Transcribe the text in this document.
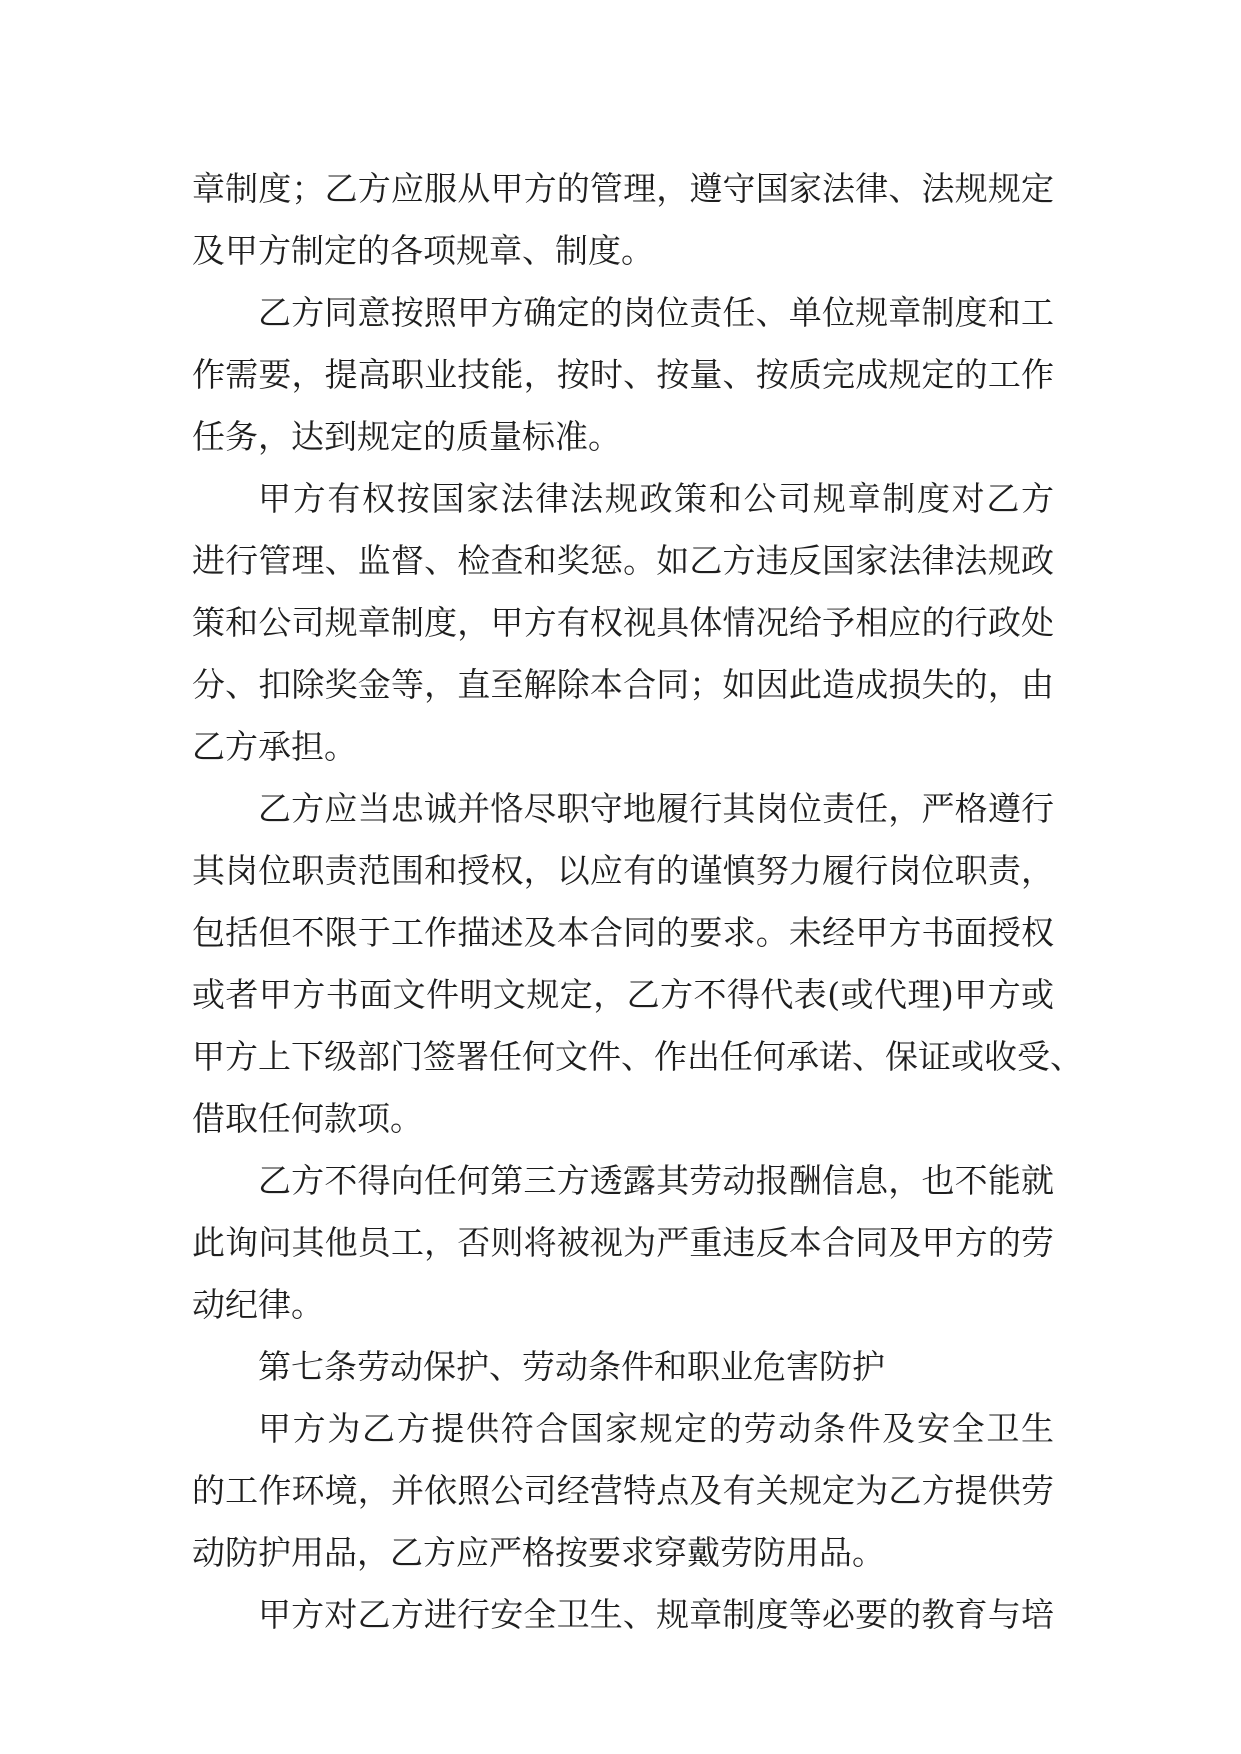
章制度；乙方应服从甲方的管理，遵守国家法律、法规规定
及甲方制定的各项规章、制度。
乙方同意按照甲方确定的岗位责任、单位规章制度和工
作需要，提高职业技能，按时、按量、按质完成规定的工作
任务，达到规定的质量标准。
甲方有权按国家法律法规政策和公司规章制度对乙方
进行管理、监督、检查和奖惩。如乙方违反国家法律法规政
策和公司规章制度，甲方有权视具体情况给予相应的行政处
分、扣除奖金等，直至解除本合同；如因此造成损失的，由
乙方承担。
乙方应当忠诚并恪尽职守地履行其岗位责任，严格遵行
其岗位职责范围和授权，以应有的谨慎努力履行岗位职责，
包括但不限于工作描述及本合同的要求。未经甲方书面授权
或者甲方书面文件明文规定，乙方不得代表(或代理)甲方或
甲方上下级部门签署任何文件、作出任何承诺、保证或收受、
借取任何款项。
乙方不得向任何第三方透露其劳动报酬信息，也不能就
此询问其他员工，否则将被视为严重违反本合同及甲方的劳
动纪律。
第七条劳动保护、劳动条件和职业危害防护
甲方为乙方提供符合国家规定的劳动条件及安全卫生
的工作环境，并依照公司经营特点及有关规定为乙方提供劳
动防护用品，乙方应严格按要求穿戴劳防用品。
甲方对乙方进行安全卫生、规章制度等必要的教育与培
